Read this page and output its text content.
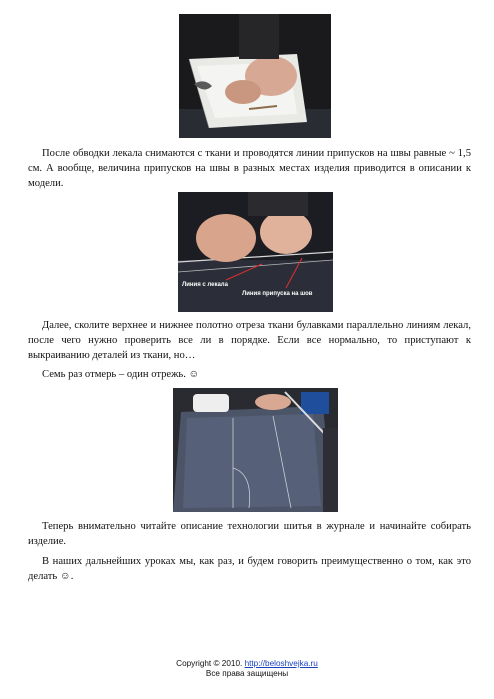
После обводки лекала снимаются с ткани и проводятся линии припусков на швы равные ~ 1,5 см. А вообще, величина припусков на швы в разных местах изделия приводится в описании к модели.

Линия с лекала
Линия припуска на шов

Далее, сколите верхнее и нижнее полотно отреза ткани булавками параллельно линиям лекал, после чего нужно проверить все ли в порядке. Если все нормально, то приступают к выкраиванию деталей из ткани, но…

Семь раз отмерь – один отрежь. ☺

Теперь внимательно читайте описание технологии шитья в журнале и начинайте собирать изделие.

В наших дальнейших уроках мы, как раз, и будем говорить преимущественно о том, как это делать ☺.

Copyright © 2010. http://beloshvejka.ru
Все права защищены
